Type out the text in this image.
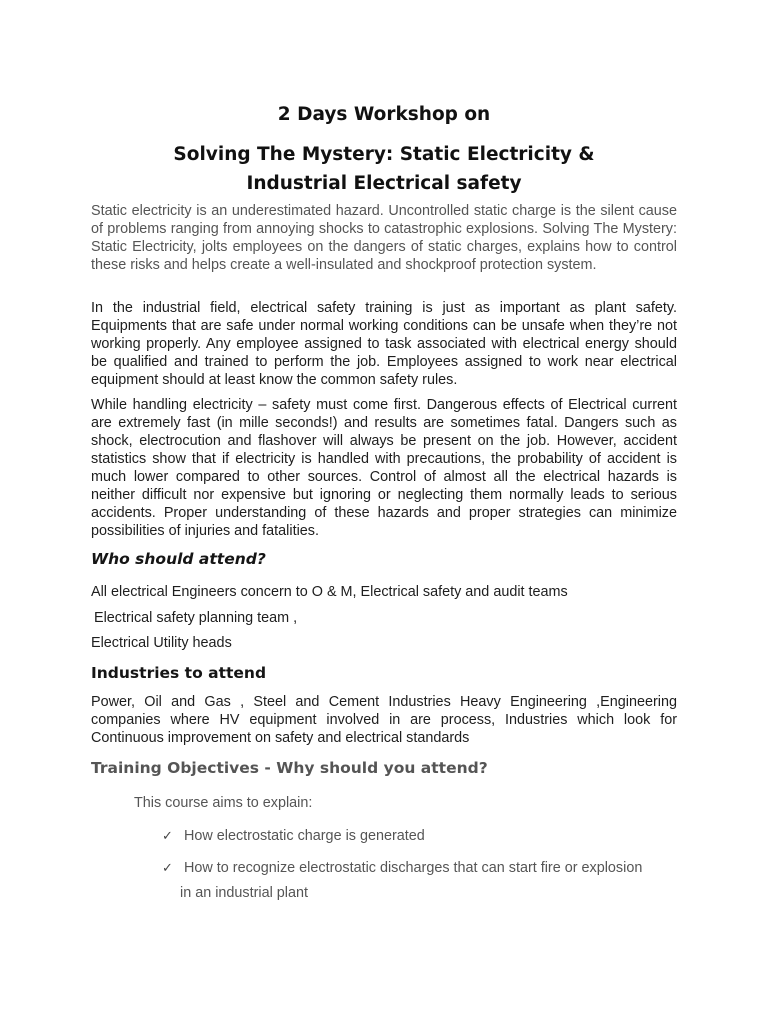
2 Days Workshop on
Solving The Mystery: Static Electricity & Industrial Electrical safety

Static electricity is an underestimated hazard. Uncontrolled static charge is the silent cause of problems ranging from annoying shocks to catastrophic explosions. Solving The Mystery: Static Electricity, jolts employees on the dangers of static charges, explains how to control these risks and helps create a well-insulated and shockproof protection system.

In the industrial field, electrical safety training is just as important as plant safety. Equipments that are safe under normal working conditions can be unsafe when they’re not working properly. Any employee assigned to task associated with electrical energy should be qualified and trained to perform the job. Employees assigned to work near electrical equipment should at least know the common safety rules.

While handling electricity – safety must come first. Dangerous effects of Electrical current are extremely fast (in mille seconds!) and results are sometimes fatal. Dangers such as shock, electrocution and flashover will always be present on the job. However, accident statistics show that if electricity is handled with precautions, the probability of accident is much lower compared to other sources. Control of almost all the electrical hazards is neither difficult nor expensive but ignoring or neglecting them normally leads to serious accidents. Proper understanding of these hazards and proper strategies can minimize possibilities of injuries and fatalities.

Who should attend?

All electrical Engineers concern to O & M, Electrical safety and audit teams

Electrical safety planning team ,

Electrical Utility heads

Industries to attend

Power, Oil and Gas , Steel and Cement Industries Heavy Engineering ,Engineering companies where HV equipment involved in are process, Industries which look for Continuous improvement on safety and electrical standards

Training Objectives - Why should you attend?

This course aims to explain:

✓ How electrostatic charge is generated
✓ How to recognize electrostatic discharges that can start fire or explosion
in an industrial plant
